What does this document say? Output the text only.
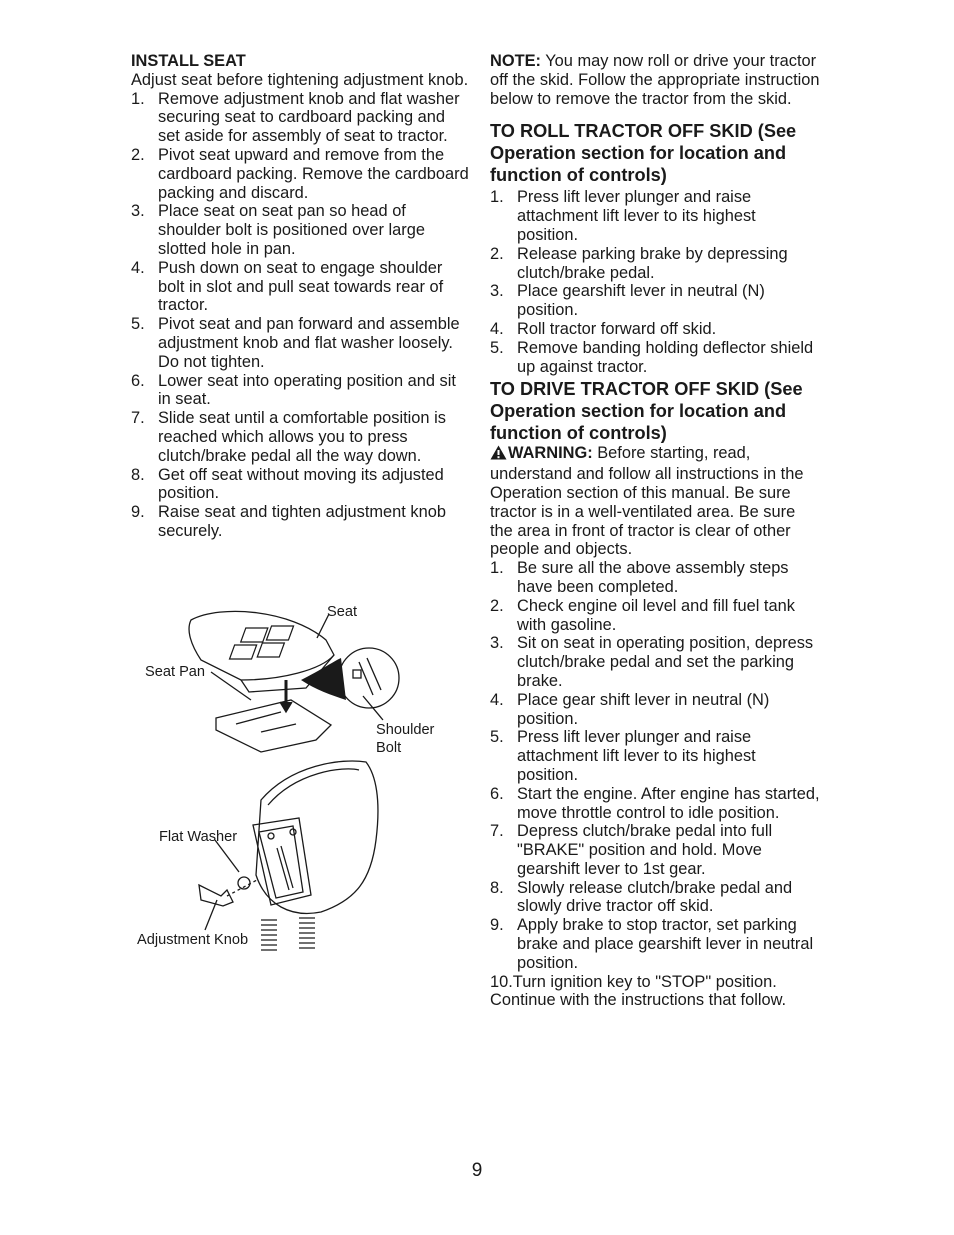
INSTALL SEAT

Adjust seat before tightening adjustment knob.

1. Remove adjustment knob and flat washer securing seat to cardboard packing and set aside for assembly of seat to tractor.
2. Pivot seat upward and remove from the cardboard packing. Remove the cardboard packing and discard.
3. Place seat on seat pan so head of shoulder bolt is positioned over large slotted hole in pan.
4. Push down on seat to engage shoulder bolt in slot and pull seat towards rear of tractor.
5. Pivot seat and pan forward and assemble adjustment knob and flat washer loosely. Do not tighten.
6. Lower seat into operating position and sit in seat.
7. Slide seat until a comfortable position is reached which allows you to press clutch/brake pedal all the way down.
8. Get off seat without moving its adjusted position.
9. Raise seat and tighten adjustment knob securely.
Seat
Seat Pan
Shoulder
Bolt
Flat Washer
Adjustment Knob

NOTE: You may now roll or drive your tractor off the skid. Follow the appropriate instruction below to remove the tractor from the skid.

TO ROLL TRACTOR OFF SKID (See Operation section for location and function of controls)

1. Press lift lever plunger and raise attachment lift lever to its highest position.
2. Release parking brake by depressing clutch/brake pedal.
3. Place gearshift lever in neutral (N) position.
4. Roll tractor forward off skid.
5. Remove banding holding deflector shield up against tractor.

TO DRIVE TRACTOR OFF SKID (See Operation section for location and function of controls)

WARNING: Before starting, read, understand and follow all instructions in the Operation section of this manual. Be sure tractor is in a well-ventilated area. Be sure the area in front of tractor is clear of other people and objects.

1. Be sure all the above assembly steps have been completed.
2. Check engine oil level and fill fuel tank with gasoline.
3. Sit on seat in operating position, depress clutch/brake pedal and set the parking brake.
4. Place gear shift lever in neutral (N) position.
5. Press lift lever plunger and raise attachment lift lever to its highest position.
6. Start the engine. After engine has started, move throttle control to idle position.
7. Depress clutch/brake pedal into full "BRAKE" position and hold. Move gearshift lever to 1st gear.
8. Slowly release clutch/brake pedal and slowly drive tractor off skid.
9. Apply brake to stop tractor, set parking brake and place gearshift lever in neutral position.
10.Turn ignition key to "STOP" position.

Continue with the instructions that follow.

9
